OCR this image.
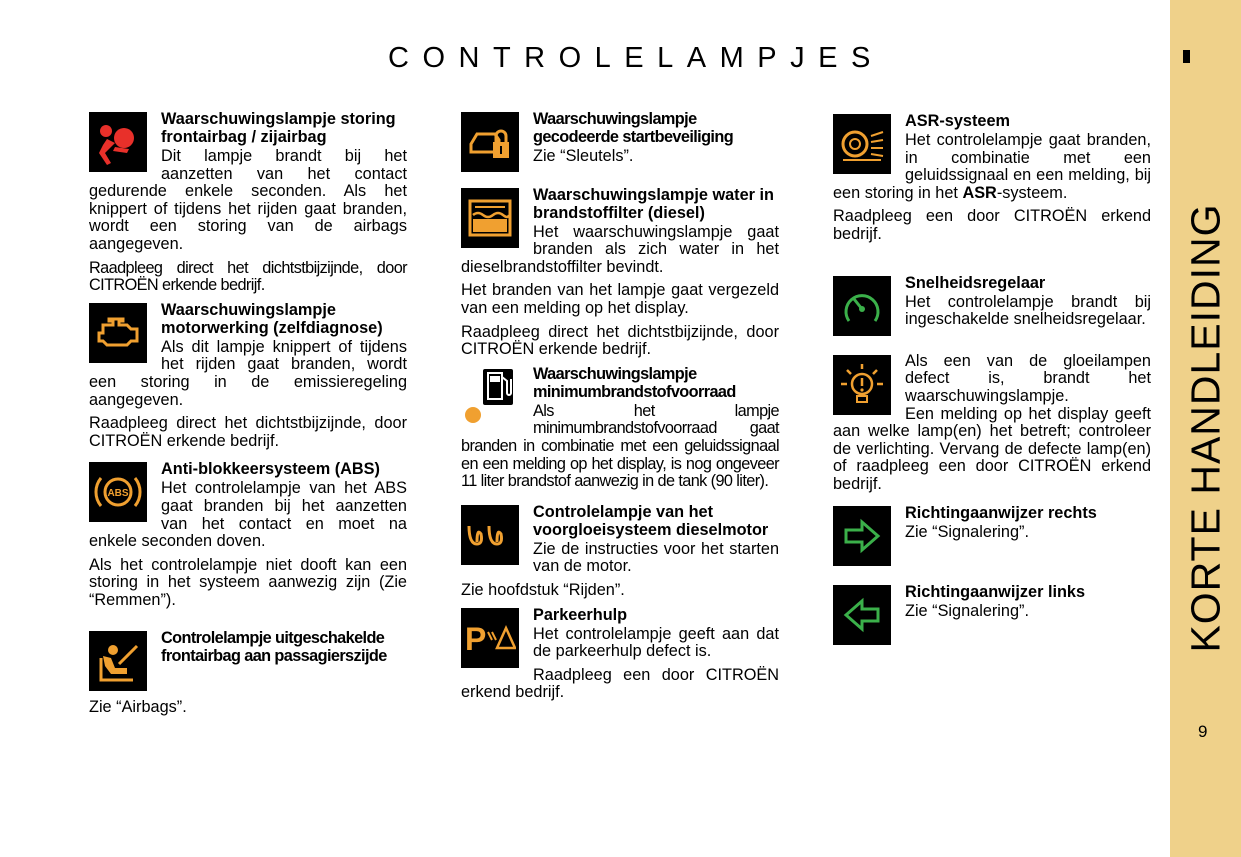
CONTROLELAMPJES
KORTE HANDLEIDING
9
Waarschuwingslampje storing frontairbag / zijairbag

Dit lampje brandt bij het aanzetten van het contact gedurende enkele seconden. Als het knippert of tijdens het rijden gaat branden, wordt een storing van de airbags aangegeven.

Raadpleeg direct het dichtstbijzijnde, door CITROËN erkende bedrijf.

Waarschuwingslampje motorwerking (zelfdiagnose)

Als dit lampje knippert of tijdens het rijden gaat branden, wordt een storing in de emissieregeling aangegeven.

Raadpleeg direct het dichtstbijzijnde, door CITROËN erkende bedrijf.

ABS
Anti-blokkeersysteem (ABS)

Het controlelampje van het ABS gaat branden bij het aanzetten van het contact en moet na enkele seconden doven.

Als het controlelampje niet dooft kan een storing in het systeem aanwezig zijn (Zie “Remmen”).

Controlelampje uitgeschakelde frontairbag aan passagierszijde

Zie “Airbags”.

Waarschuwingslampje gecodeerde startbeveiliging

Zie “Sleutels”.

Waarschuwingslampje water in brandstoffilter (diesel)

Het waarschuwingslampje gaat branden als zich water in het dieselbrandstoffilter bevindt.

Het branden van het lampje gaat vergezeld van een melding op het display.

Raadpleeg direct het dichtstbijzijnde, door CITROËN erkende bedrijf.

Waarschuwingslampje minimumbrandstofvoorraad

Als het lampje minimumbrandstofvoorraad gaat branden in combinatie met een geluidssignaal en een melding op het display, is nog ongeveer 11 liter brandstof aanwezig in de tank (90 liter).

Controlelampje van het voorgloeisysteem dieselmotor

Zie de instructies voor het starten van de motor.

Zie hoofdstuk “Rijden”.

P
Parkeerhulp

Het controlelampje geeft aan dat de parkeerhulp defect is.

Raadpleeg een door CITROËN erkend bedrijf.

ASR-systeem

Het controlelampje gaat branden, in combinatie met een geluidssignaal en een melding, bij een storing in het ASR-systeem.

Raadpleeg een door CITROËN erkend bedrijf.

Snelheidsregelaar

Het controlelampje brandt bij ingeschakelde snelheidsregelaar.

Als een van de gloeilampen defect is, brandt het waarschuwingslampje.

Een melding op het display geeft aan welke lamp(en) het betreft; controleer de verlichting. Vervang de defecte lamp(en) of raadpleeg een door CITROËN erkend bedrijf.

Richtingaanwijzer rechts

Zie “Signalering”.

Richtingaanwijzer links

Zie “Signalering”.
